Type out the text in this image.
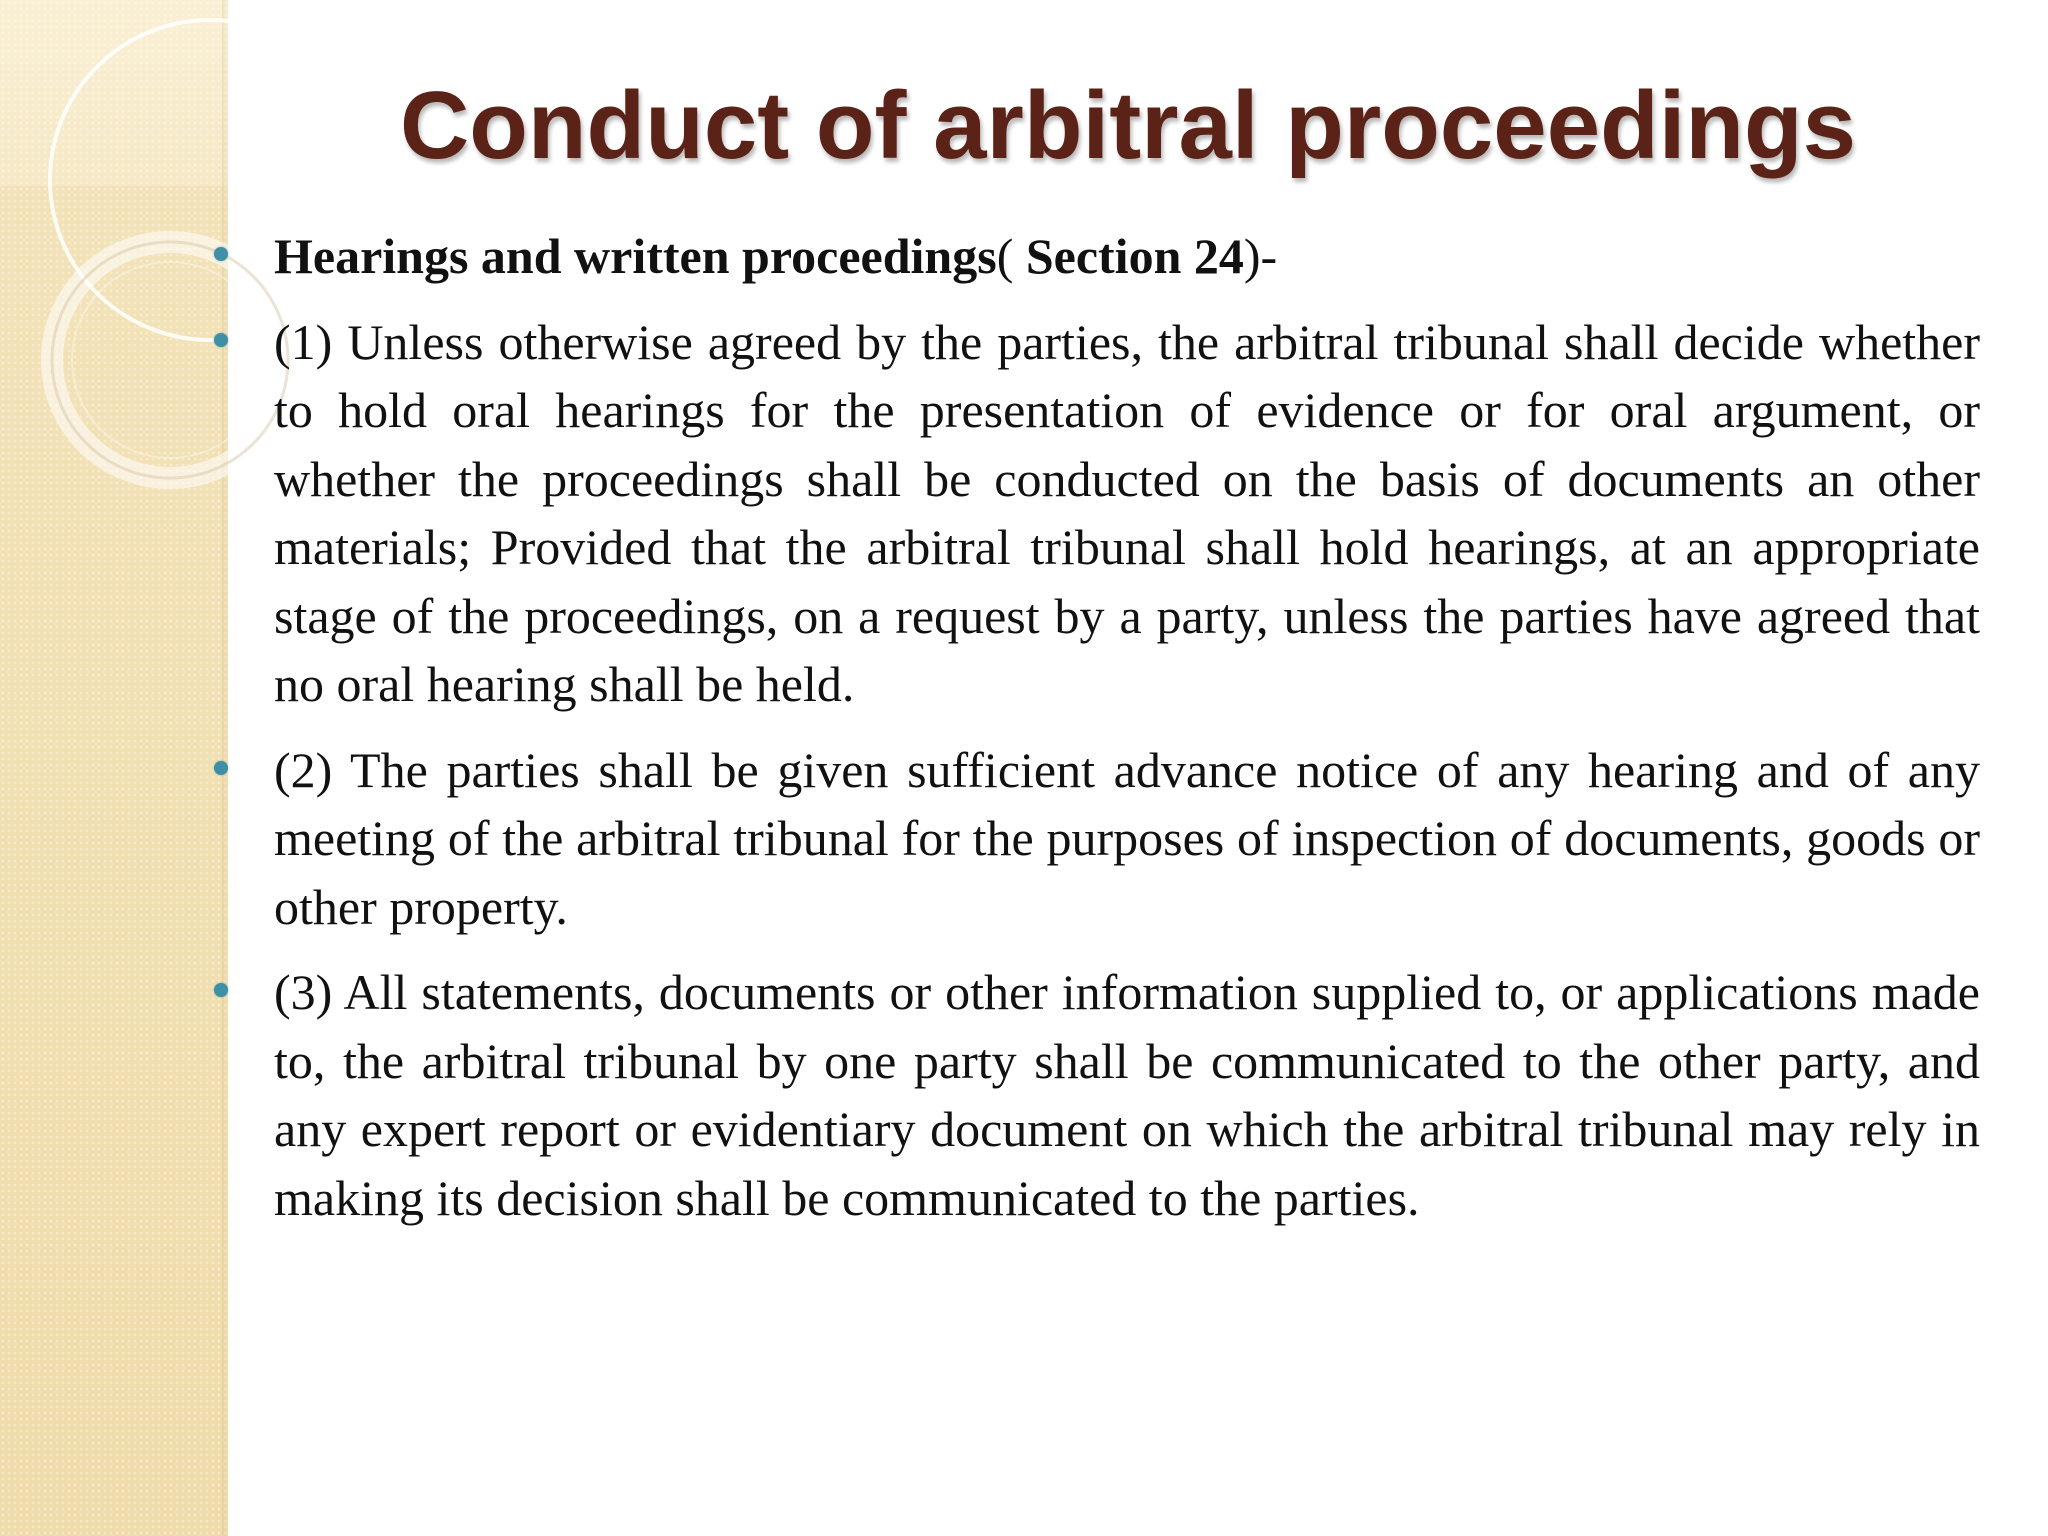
Conduct of arbitral proceedings
Hearings and written proceedings( Section 24)-
(1) Unless otherwise agreed by the parties, the arbitral tribunal shall decide whether to hold oral hearings for the presentation of evidence or for oral argument, or whether the proceedings shall be conducted on the basis of documents an other materials; Provided that the arbitral tribunal shall hold hearings, at an appropriate stage of the proceedings, on a request by a party, unless the parties have agreed that no oral hearing shall be held.
(2) The parties shall be given sufficient advance notice of any hearing and of any meeting of the arbitral tribunal for the purposes of inspection of documents, goods or other property.
(3) All statements, documents or other information supplied to, or applications made to, the arbitral tribunal by one party shall be communicated to the other party, and any expert report or evidentiary document on which the arbitral tribunal may rely in making its decision shall be communicated to the parties.
